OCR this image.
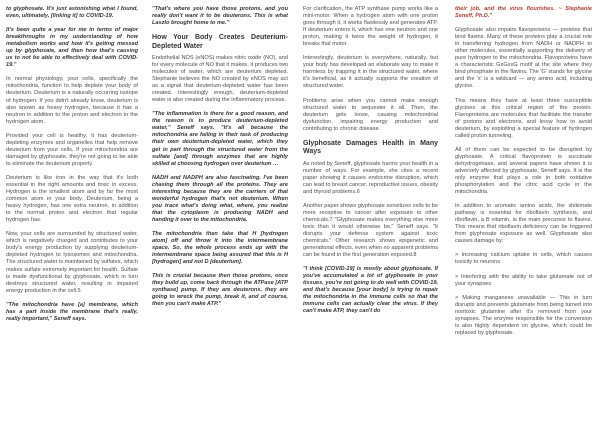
to glyphosate. It's just astonishing what I found, even, ultimately, [linking it] to COVID-19.

It's been quite a year for me in terms of major breakthroughs in my understanding of how metabolism works and how it's getting messed up by glyphosate, and then how that's causing us to not be able to effectively deal with COVID-19."

In normal physiology, your cells, specifically the mitochondria, function to help deplete your body of deuterium. Deuterium is a naturally occurring isotope of hydrogen. If you didn't already know, deuterium is also known as heavy hydrogen, because it has a neutron in addition to the proton and electron in the hydrogen atom.

Provided your cell is healthy, it has deuterium-depleting enzymes and organelles that help remove deuterium from your cells. If your mitochondria are damaged by glyphosate, they're not going to be able to eliminate the deuterium properly.

Deuterium is like iron in the way that it's both essential in the right amounts and toxic in excess. Hydrogen is the smallest atom and by far the most common atom in your body. Deuterium, being a heavy hydrogen, has one extra neutron, in addition to the normal proton and electron that regular hydrogen has.

Now, your cells are surrounded by structured water, which is negatively charged and contributes to your body's energy production by supplying deuterium-depleted hydrogen to lysosomes and mitochondria. The structured water is maintained by sulfates, which makes sulfate extremely important for health. Sulfate is made dysfunctional by glyphosate, which in turn destroys structured water, resulting in impaired energy production in the cell.5

"The mitochondria have [a] membrane, which has a part inside the membrane that's really, really important," Seneff says.

"That's where you have those protons, and you really don't want it to be deuterons. This is what Laszlo brought home to me."

How Your Body Creates Deuterium-Depleted Water

Endothelial NOS (eNOS) makes nitric oxide (NO), and for every molecule of NO that it makes, it produces two molecules of water, which are deuterium depleted. Stephanie believes the NO created by eNOS may act as a signal that deuterium-depleted water has been created. Interestingly enough, deuterium-depleted water is also created during the inflammatory process.

"The inflammation is there for a good reason, and the reason is to produce deuterium-depleted water," Seneff says. "It's all because the mitochondria are failing in their task of producing their own deuterium-depleted water, which they get in part through the structured water from the sulfate [and] through enzymes that are highly skilled at choosing hydrogen over deuterium …

NADH and NADPH are also fascinating. I've been chasing them through all the proteins. They are interesting because they are the carriers of that wonderful hydrogen that's not deuterium. When you trace what's doing what, where, you realize that the cytoplasm is producing NADH and handing it over to the mitochondria.

The mitochondria then take that H [hydrogen atom] off and throw it into the intermembrane space. So, the whole process ends up with the intermembrane space being assured that this is H [hydrogen] and not D [deuterium].

This is crucial because then those protons, once they build up, come back through the ATPase [ATP synthase] pump. If they are deuterons, they are going to wreck the pump, break it, and of course, then you can't make ATP."

For clarification, the ATP synthase pump works like a mini-motor. When a hydrogen atom with one proton goes through it, it works flawlessly and generates ATP. If deuterium enters it, which has one neutron and one proton, making it twice the weight of hydrogen, it breaks that motor.

Interestingly, deuterium is everywhere, naturally, but your body has developed an elaborate way to make it harmless by trapping it in the structured water, where it's beneficial, as it actually supports the creation of structured water.

Problems arise when you cannot make enough structured water to sequester it all. Then, the deuterium gets loose, causing mitochondrial dysfunction, impairing energy production and contributing to chronic disease.

Glyphosate Damages Health in Many Ways

As noted by Seneff, glyphosate harms your health in a number of ways. For example, she cites a recent paper showing it causes endocrine disruption, which can lead to breast cancer, reproductive issues, obesity and thyroid problems.6

Another paper shows glyphosate sensitizes cells to be more receptive to cancer after exposure to other chemicals.7 "Glyphosate makes everything else more toxic than it would otherwise be," Seneff says. "It disrupts your defense system against toxic chemicals." Other research shows epigenetic and generational effects, even when no apparent problems can be found in the first generation exposed.8

"I think [COVID-19] is mostly about glyphosate. If you've accumulated a lot of glyphosate in your tissues, you're not going to do well with COVID-19, and that's because [your body] is trying to repair the mitochondria in the immune cells so that the immune cells can actually clear the virus. If they can't make ATP, they can't do

their job, and the virus flourishes. ~ Stephanie Seneff, Ph.D."

Glyphosate also impairs flavoproteins — proteins that bind flavins. Many of these proteins play a crucial role in transferring hydrogen from NADH or NADPH to other molecules, essentially supporting the delivery of pure hydrogen to the mitochondria. Flavoproteins have a characteristic GxGxxG motif at the site where they bind phosphate in the flavins. The 'G' stands for glycine and the 'x' is a wildcard — any amino acid, including glycine.

This means they have at least three susceptible glycines at this critical region of the protein. Flavoproteins are molecules that facilitate the transfer of protons and electrons, and know how to avoid deuterium, by exploiting a special feature of hydrogen called proton tunneling.

All of them can be expected to be disrupted by glyphosate. A critical flavoprotein is succinate dehydrogenase, and several papers have shown it is adversely affected by glyphosate, Seneff says. It is the only enzyme that plays a role in both oxidative phosphorylation and the citric acid cycle in the mitochondria.

In addition to aromatic amino acids, the shikimate pathway is essential for riboflavin synthesis, and riboflavin, a B vitamin, is the main precursor to flavins. This means that riboflavin deficiency can be triggered from glyphosate exposure as well. Glyphosate also causes damage by:

> Increasing calcium uptake in cells, which causes toxicity to neurons

> Interfering with the ability to take glutamate out of your synapses

> Making manganese unavailable — This in turn disrupts and prevents glutamate from being turned into nontoxic glutamine after it's removed from your synapses. The enzyme responsible for the conversion is also highly dependent on glycine, which could be replaced by glyphosate.
